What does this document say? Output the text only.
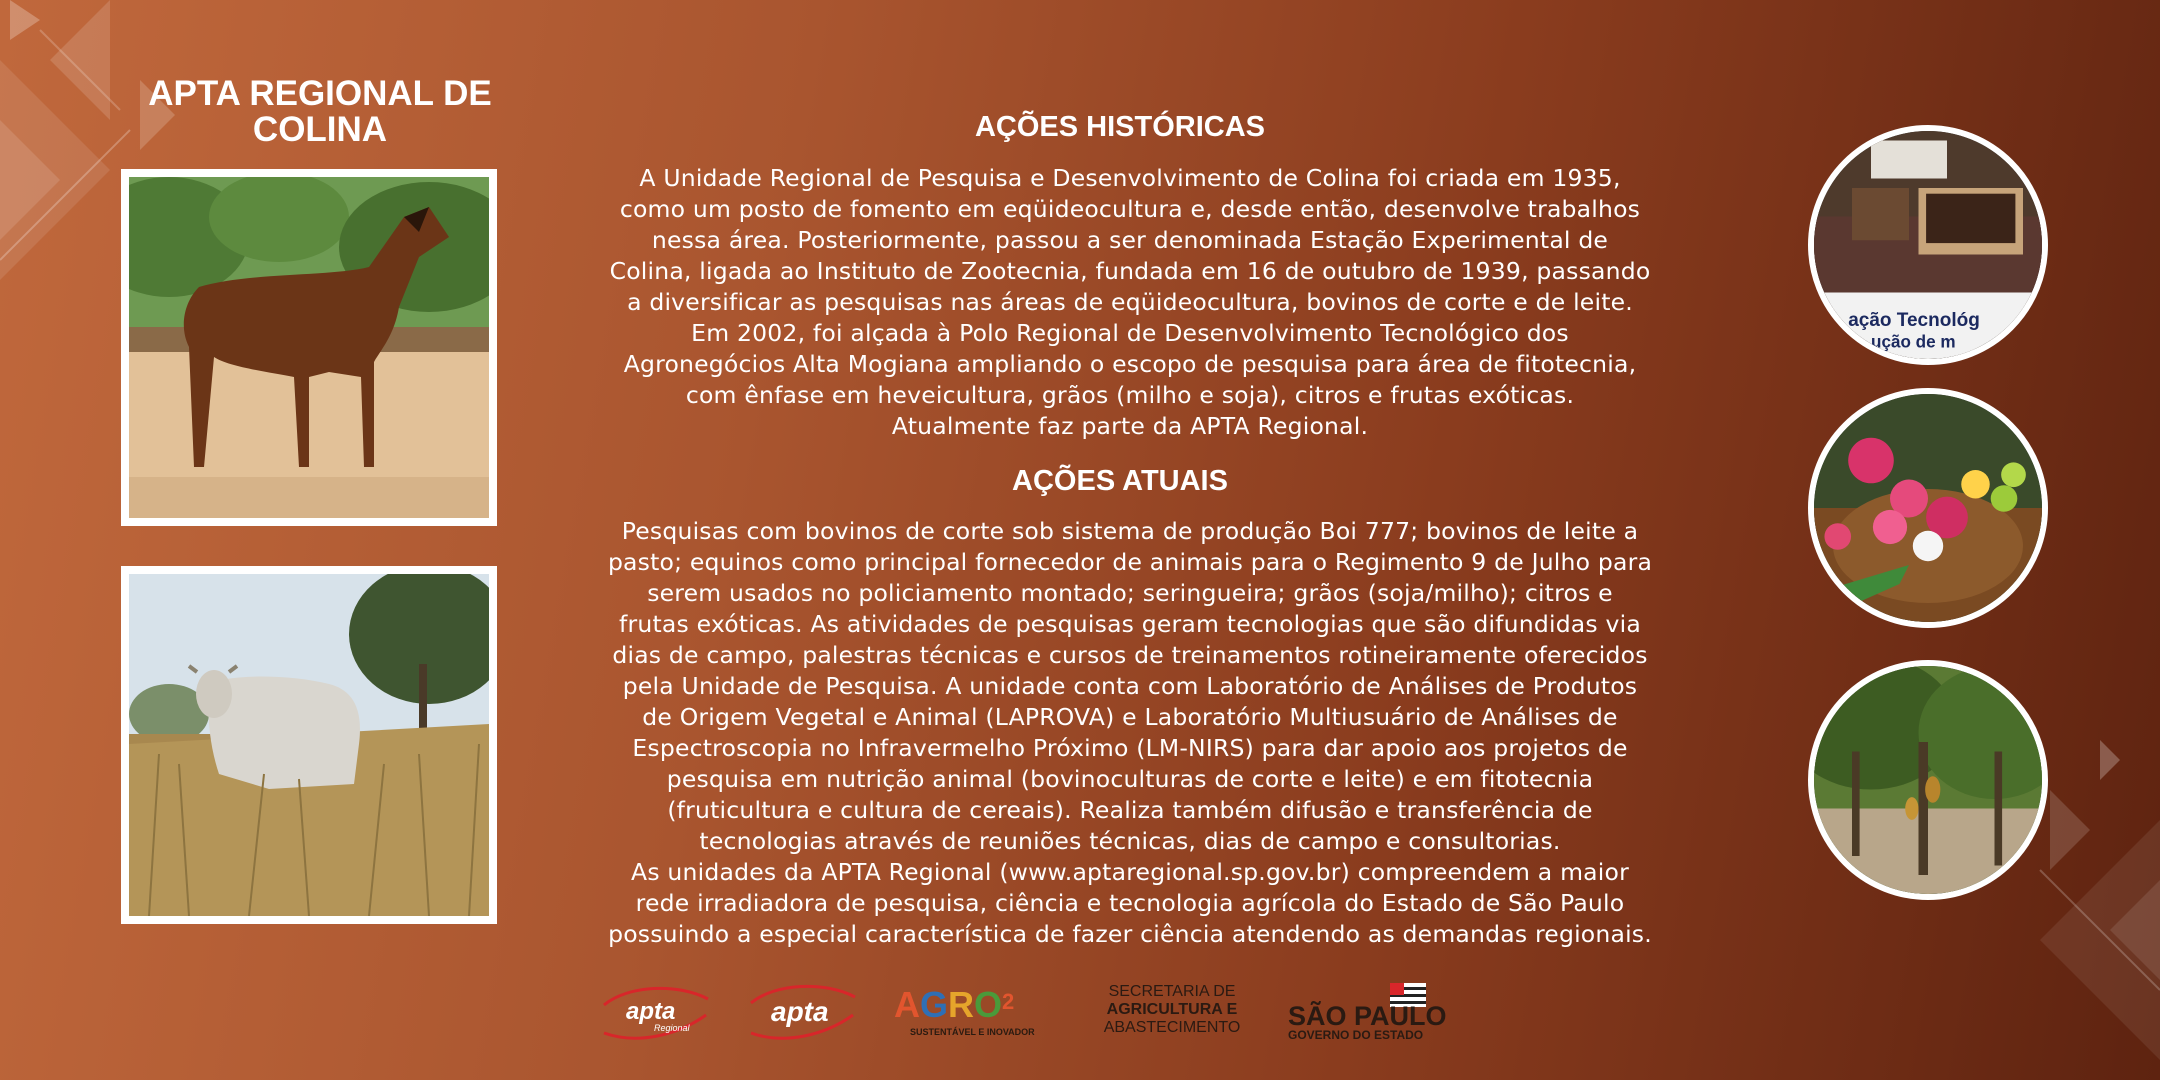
APTA REGIONAL DE COLINA	AÇÕES HISTÓRICAS
A Unidade Regional de Pesquisa e Desenvolvimento de Colina foi criada em 1935,
como um posto de fomento em eqüideocultura e, desde então, desenvolve trabalhos
nessa área. Posteriormente, passou a ser denominada Estação Experimental de
Colina, ligada ao Instituto de Zootecnia, fundada em 16 de outubro de 1939, passando
a diversificar as pesquisas nas áreas de eqüideocultura, bovinos de corte e de leite.
Em 2002, foi alçada à Polo Regional de Desenvolvimento Tecnológico dos
Agronegócios Alta Mogiana ampliando o escopo de pesquisa para área de fitotecnia,
com ênfase em heveicultura, grãos (milho e soja), citros e frutas exóticas.
Atualmente faz parte da APTA Regional.
AÇÕES ATUAIS
Pesquisas com bovinos de corte sob sistema de produção Boi 777; bovinos de leite a
pasto; equinos como principal fornecedor de animais para o Regimento 9 de Julho para
serem usados no policiamento montado; seringueira; grãos (soja/milho); citros e
frutas exóticas. As atividades de pesquisas geram tecnologias que são difundidas via
dias de campo, palestras técnicas e cursos de treinamentos rotineiramente oferecidos
pela Unidade de Pesquisa. A unidade conta com Laboratório de Análises de Produtos
de Origem Vegetal e Animal (LAPROVA) e Laboratório Multiusuário de Análises de
Espectroscopia no Infravermelho Próximo (LM-NIRS) para dar apoio aos projetos de
pesquisa em nutrição animal (bovinoculturas de corte e leite) e em fitotecnia
(fruticultura e cultura de cereais). Realiza também difusão e transferência de
tecnologias através de reuniões técnicas, dias de campo e consultorias.
As unidades da APTA Regional (www.aptaregional.sp.gov.br) compreendem a maior
rede irradiadora de pesquisa, ciência e tecnologia agrícola do Estado de São Paulo
possuindo a especial característica de fazer ciência atendendo as demandas regionais.
ação Tecnológ
ução de m
apta
Regional
apta AGRO$^2$
SUSTENTÁVEL E INOVADOR
SECRETARIA DE
AGRICULTURA E
ABASTECIMENTO SÃO PAULO
GOVERNO DO ESTADO
